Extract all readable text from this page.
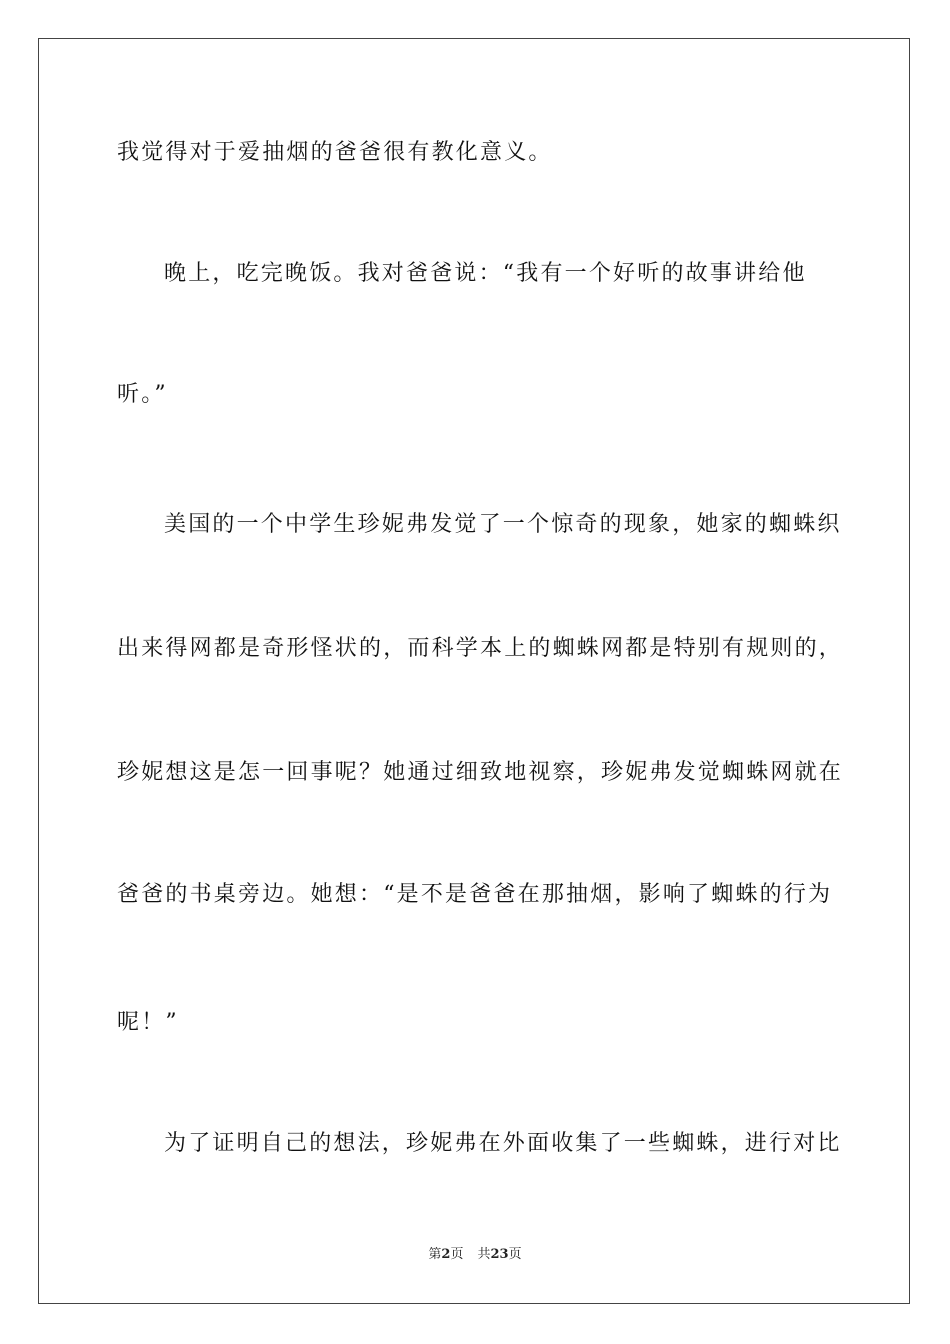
我觉得对于爱抽烟的爸爸很有教化意义。
晚上，吃完晚饭。我对爸爸说：“我有一个好听的故事讲给他
听。”
美国的一个中学生珍妮弗发觉了一个惊奇的现象，她家的蜘蛛织
出来得网都是奇形怪状的，而科学本上的蜘蛛网都是特别有规则的，
珍妮想这是怎一回事呢？她通过细致地视察，珍妮弗发觉蜘蛛网就在
爸爸的书桌旁边。她想：“是不是爸爸在那抽烟，影响了蜘蛛的行为
呢！”
为了证明自己的想法，珍妮弗在外面收集了一些蜘蛛，进行对比
第2页 共23页
